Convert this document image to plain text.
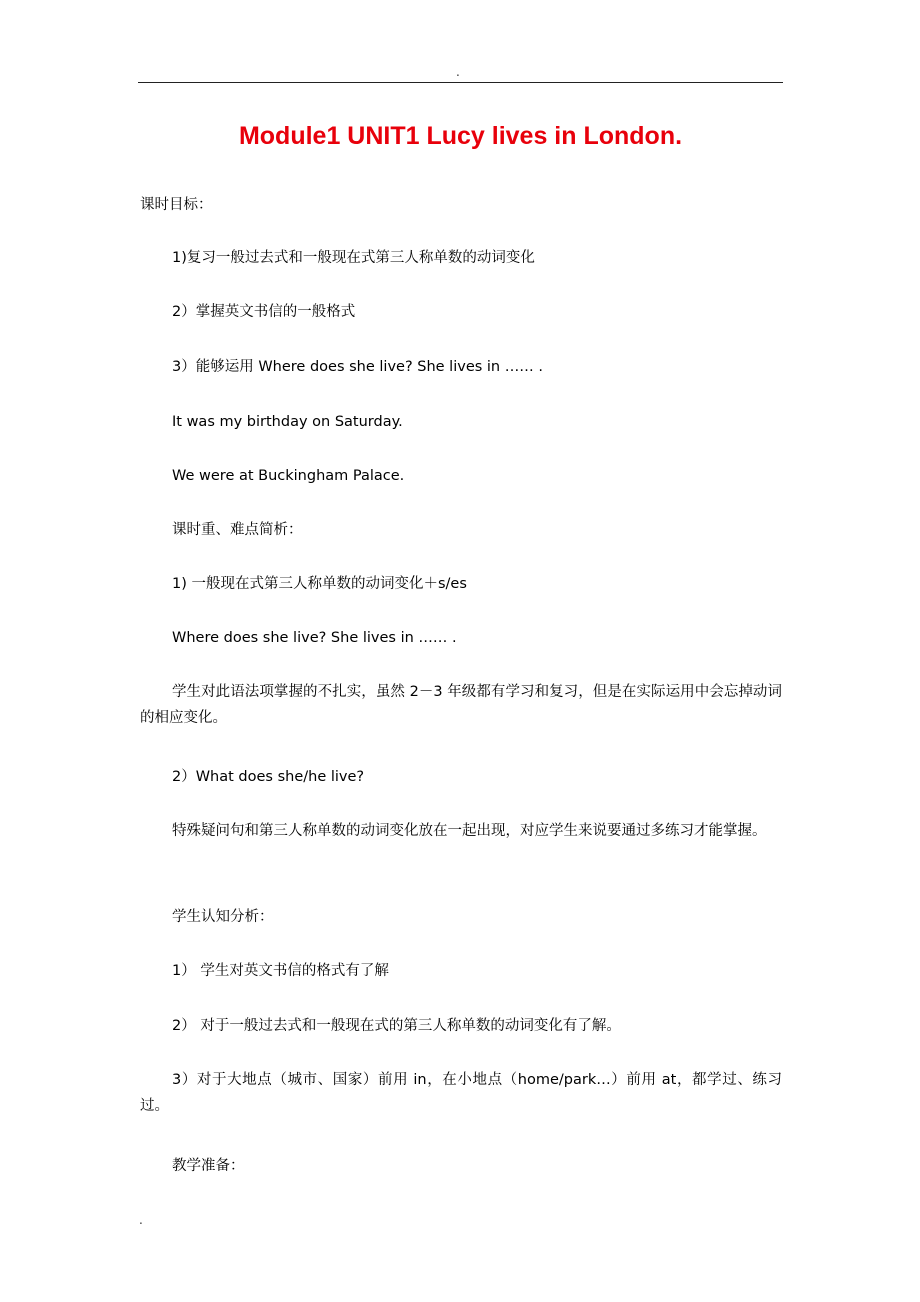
.
Module1 UNIT1 Lucy lives in London.
课时目标：
1)复习一般过去式和一般现在式第三人称单数的动词变化
2）掌握英文书信的一般格式
3）能够运用 Where does she live? She lives in …… .
It was my birthday on Saturday.
We were at Buckingham Palace.
课时重、难点简析：
1) 一般现在式第三人称单数的动词变化＋s/es
Where does she live? She lives in …… .
学生对此语法项掌握的不扎实，虽然 2－3 年级都有学习和复习，但是在实际运用中会忘掉动词的相应变化。
2）What does she/he live?
特殊疑问句和第三人称单数的动词变化放在一起出现，对应学生来说要通过多练习才能掌握。
学生认知分析：
1） 学生对英文书信的格式有了解
2） 对于一般过去式和一般现在式的第三人称单数的动词变化有了解。
3）对于大地点（城市、国家）前用 in，在小地点（home/park…）前用 at，都学过、练习过。
教学准备：
.
